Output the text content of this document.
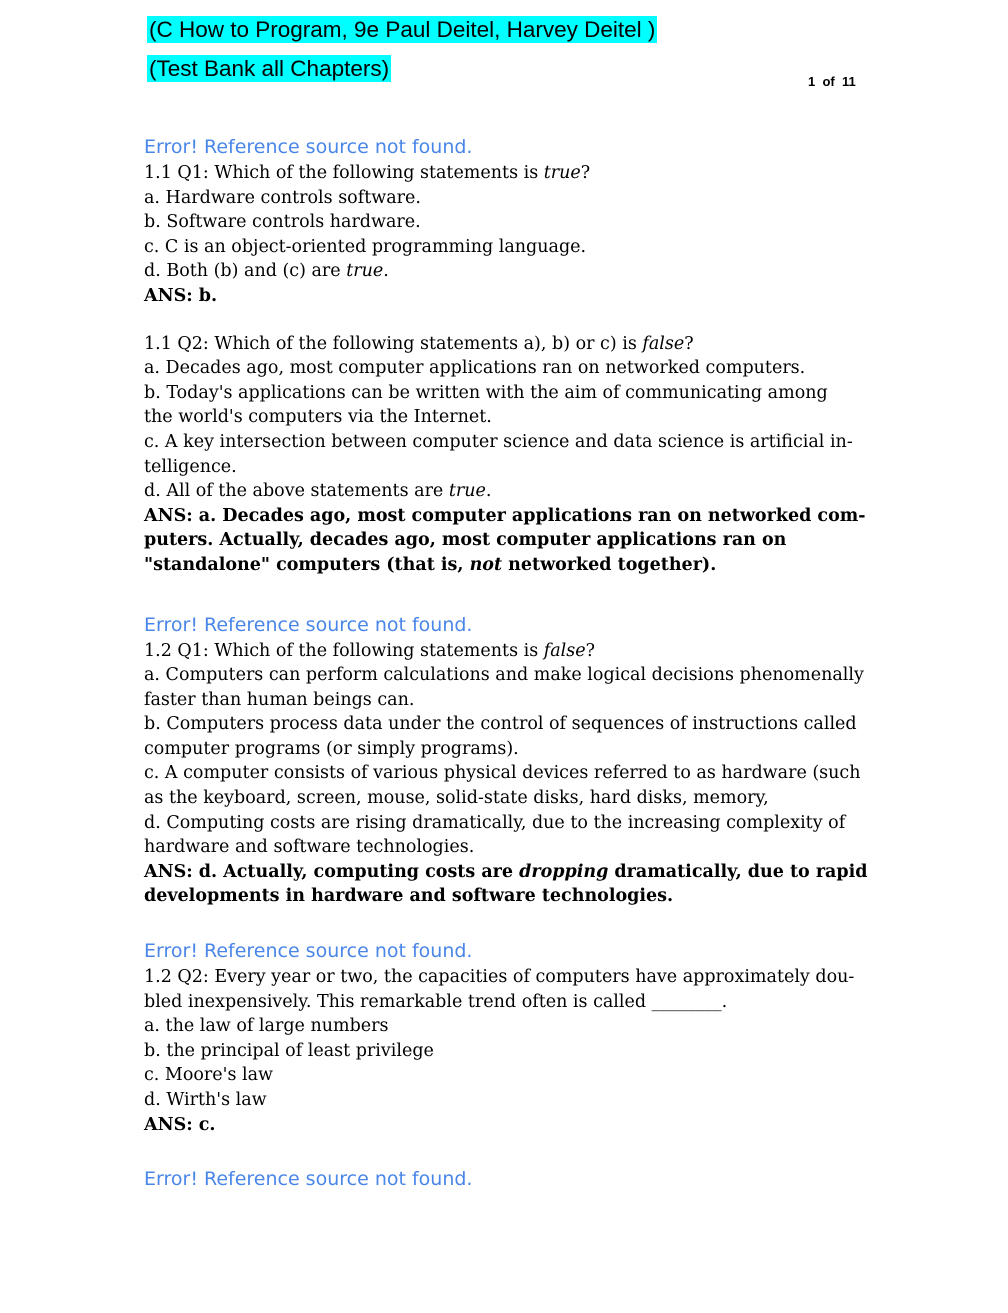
(C How to Program, 9e Paul Deitel, Harvey Deitel )
(Test Bank all Chapters)
1  of  11
Error! Reference source not found.
1.1 Q1: Which of the following statements is true?
a. Hardware controls software.
b. Software controls hardware.
c. C is an object-oriented programming language.
d. Both (b) and (c) are true.
ANS: b.
1.1 Q2: Which of the following statements a), b) or c) is false?
a. Decades ago, most computer applications ran on networked computers.
b. Today's applications can be written with the aim of communicating among
the world's computers via the Internet.
c. A key intersection between computer science and data science is artificial in-
telligence.
d. All of the above statements are true.
ANS: a. Decades ago, most computer applications ran on networked com-
puters. Actually, decades ago, most computer applications ran on
"standalone" computers (that is, not networked together).
Error! Reference source not found.
1.2 Q1: Which of the following statements is false?
a. Computers can perform calculations and make logical decisions phenomenally
faster than human beings can.
b. Computers process data under the control of sequences of instructions called
computer programs (or simply programs).
c. A computer consists of various physical devices referred to as hardware (such
as the keyboard, screen, mouse, solid-state disks, hard disks, memory,
d. Computing costs are rising dramatically, due to the increasing complexity of
hardware and software technologies.
ANS: d. Actually, computing costs are dropping dramatically, due to rapid
developments in hardware and software technologies.
Error! Reference source not found.
1.2 Q2: Every year or two, the capacities of computers have approximately dou-
bled inexpensively. This remarkable trend often is called ________.
a. the law of large numbers
b. the principal of least privilege
c. Moore's law
d. Wirth's law
ANS: c.
Error! Reference source not found.
